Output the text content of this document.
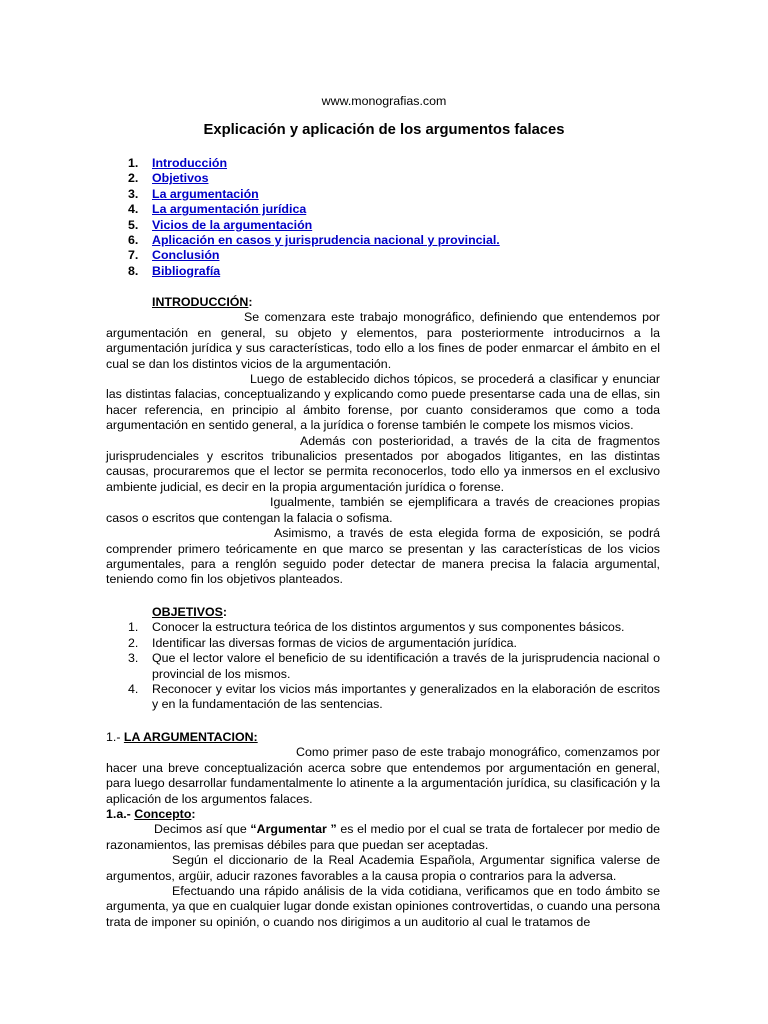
www.monografias.com
Explicación y aplicación de los argumentos falaces
1. Introducción
2. Objetivos
3. La argumentación
4. La argumentación jurídica
5. Vicios de la argumentación
6. Aplicación en casos y jurisprudencia nacional y provincial.
7. Conclusión
8. Bibliografía

INTRODUCCIÓN:

Se comenzara este trabajo monográfico, definiendo que entendemos por argumentación en general, su objeto y elementos, para posteriormente introducirnos a la argumentación jurídica y sus características, todo ello a los fines de poder enmarcar el ámbito en el cual se dan los distintos vicios de la argumentación.

Luego de establecido dichos tópicos, se procederá a clasificar y enunciar las distintas falacias, conceptualizando y explicando como puede presentarse cada una de ellas, sin hacer referencia, en principio al ámbito forense, por cuanto consideramos que como a toda argumentación en sentido general, a la jurídica o forense también le compete los mismos vicios.

Además con posterioridad, a través de la cita de fragmentos jurisprudenciales y escritos tribunalicios presentados por abogados litigantes, en las distintas causas, procuraremos que el lector se permita reconocerlos, todo ello ya inmersos en el exclusivo ambiente judicial, es decir en la propia argumentación jurídica o forense.

Igualmente, también se ejemplificara a través de creaciones propias casos o escritos que contengan la falacia o sofisma.

Asimismo, a través de esta elegida forma de exposición, se podrá comprender primero teóricamente en que marco se presentan y las características de los vicios argumentales, para a renglón seguido poder detectar de manera precisa la falacia argumental, teniendo como fin los objetivos planteados.

OBJETIVOS:

1. Conocer la estructura teórica de los distintos argumentos y sus componentes básicos.
2. Identificar las diversas formas de vicios de argumentación jurídica.
3. Que el lector valore el beneficio de su identificación a través de la jurisprudencia nacional o provincial de los mismos.
4. Reconocer y evitar los vicios más importantes y generalizados en la elaboración de escritos y en la fundamentación de las sentencias.

1.- LA ARGUMENTACION:

Como primer paso de este trabajo monográfico, comenzamos por hacer una breve conceptualización acerca sobre que entendemos por argumentación en general, para luego desarrollar fundamentalmente lo atinente a la argumentación jurídica, su clasificación y la aplicación de los argumentos falaces.

1.a.- Concepto:

Decimos así que “Argumentar ” es el medio por el cual se trata de fortalecer por medio de razonamientos, las premisas débiles para que puedan ser aceptadas.

Según el diccionario de la Real Academia Española, Argumentar significa valerse de argumentos, argüir, aducir razones favorables a la causa propia o contrarios para la adversa.

Efectuando una rápido análisis de la vida cotidiana, verificamos que en todo ámbito se argumenta, ya que en cualquier lugar donde existan opiniones controvertidas, o cuando una persona trata de imponer su opinión, o cuando nos dirigimos a un auditorio al cual le tratamos de
